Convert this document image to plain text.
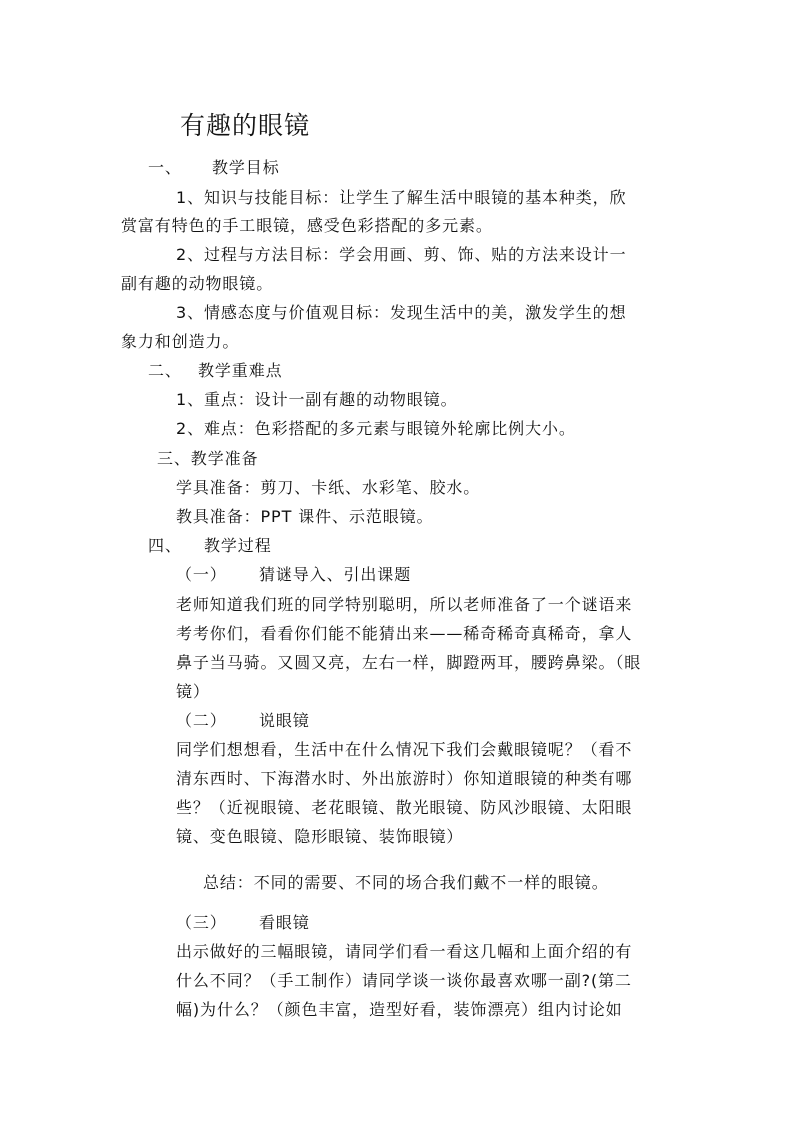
有趣的眼镜
一、 教学目标
1、知识与技能目标：让学生了解生活中眼镜的基本种类，欣
赏富有特色的手工眼镜，感受色彩搭配的多元素。
2、过程与方法目标：学会用画、剪、饰、贴的方法来设计一
副有趣的动物眼镜。
3、情感态度与价值观目标：发现生活中的美，激发学生的想
象力和创造力。
二、 教学重难点
1、重点：设计一副有趣的动物眼镜。
2、难点：色彩搭配的多元素与眼镜外轮廓比例大小。
三、教学准备
学具准备：剪刀、卡纸、水彩笔、胶水。
教具准备：PPT 课件、示范眼镜。
四、 教学过程
（一） 猜谜导入、引出课题
老师知道我们班的同学特别聪明，所以老师准备了一个谜语来
考考你们，看看你们能不能猜出来——稀奇稀奇真稀奇，拿人
鼻子当马骑。又圆又亮，左右一样，脚蹬两耳，腰跨鼻梁。（眼
镜）
（二） 说眼镜
同学们想想看，生活中在什么情况下我们会戴眼镜呢？（看不
清东西时、下海潜水时、外出旅游时）你知道眼镜的种类有哪
些？（近视眼镜、老花眼镜、散光眼镜、防风沙眼镜、太阳眼
镜、变色眼镜、隐形眼镜、装饰眼镜）
总结：不同的需要、不同的场合我们戴不一样的眼镜。
（三） 看眼镜
出示做好的三幅眼镜，请同学们看一看这几幅和上面介绍的有
什么不同？（手工制作）请同学谈一谈你最喜欢哪一副?(第二
幅)为什么？（颜色丰富，造型好看，装饰漂亮）组内讨论如
